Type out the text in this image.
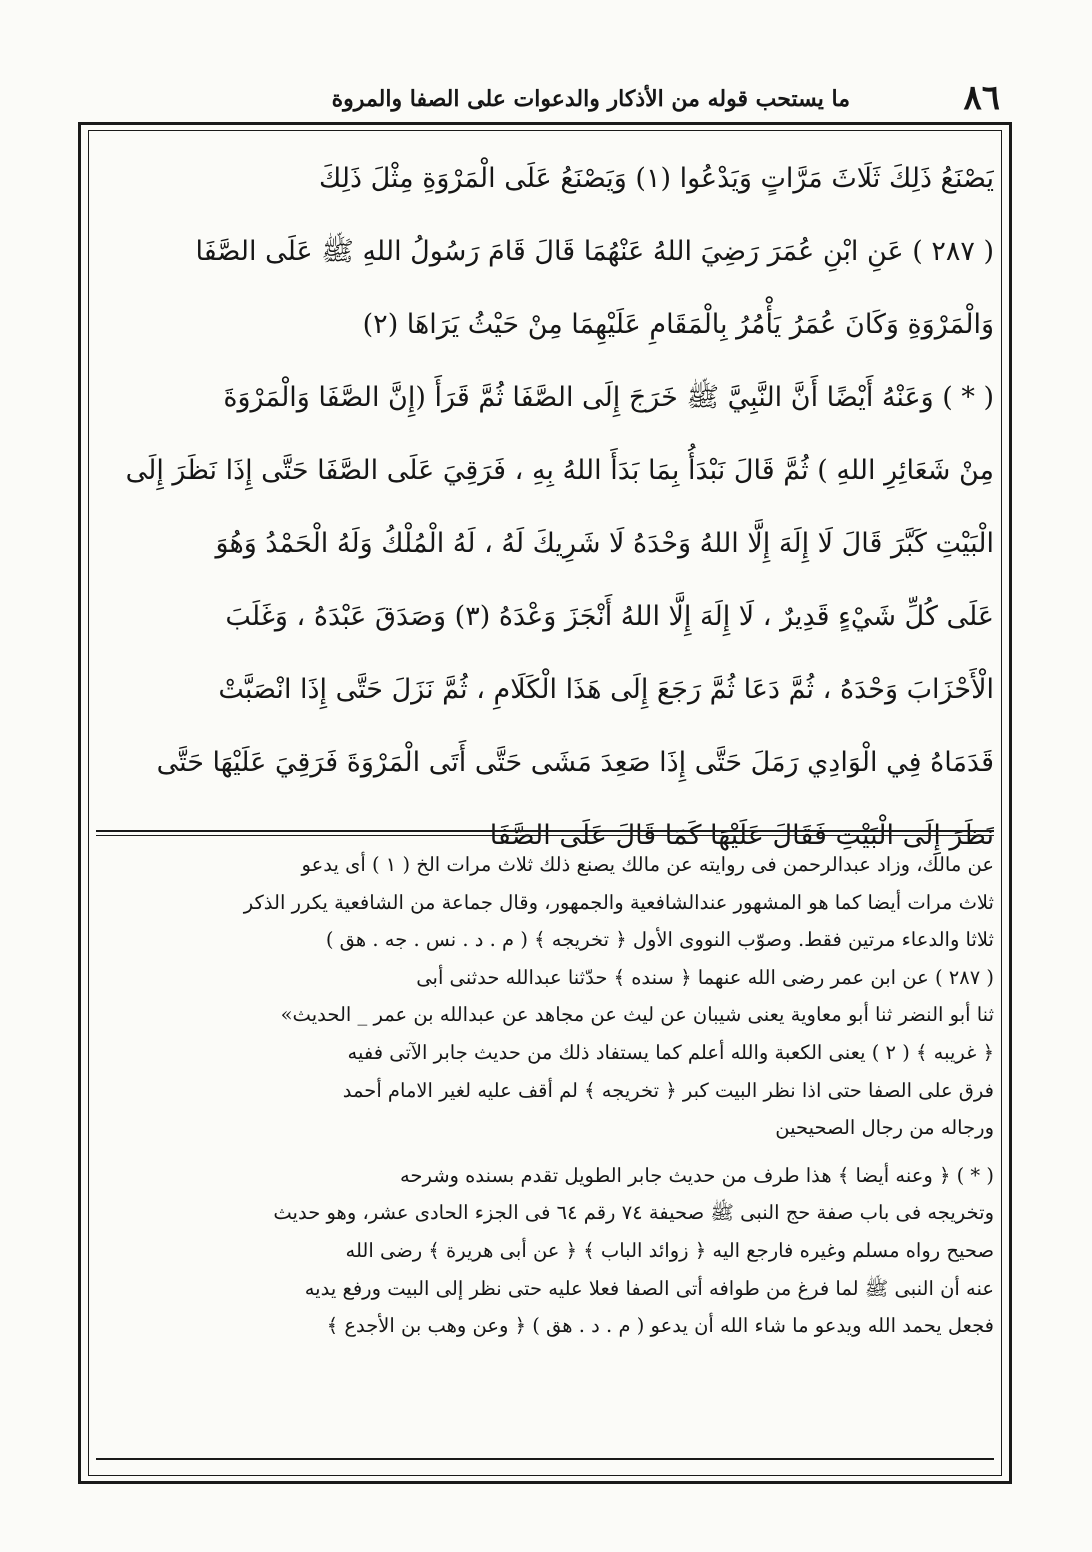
٨٦
ما يستحب قوله من الأذكار والدعوات على الصفا والمروة
يَصْنَعُ ذَلِكَ ثَلَاثَ مَرَّاتٍ وَيَدْعُوا (١) وَيَصْنَعُ عَلَى الْمَرْوَةِ مِثْلَ ذَلِكَ
( ٢٨٧ ) عَنِ ابْنِ عُمَرَ رَضِيَ اللهُ عَنْهُمَا قَالَ قَامَ رَسُولُ اللهِ ﷺ عَلَى الصَّفَا
وَالْمَرْوَةِ وَكَانَ عُمَرُ يَأْمُرُ بِالْمَقَامِ عَلَيْهِمَا مِنْ حَيْثُ يَرَاهَا (٢)
( * ) وَعَنْهُ أَيْضًا أَنَّ النَّبِيَّ ﷺ خَرَجَ إِلَى الصَّفَا ثُمَّ قَرَأَ (إِنَّ الصَّفَا وَالْمَرْوَةَ
مِنْ شَعَائِرِ اللهِ ) ثُمَّ قَالَ نَبْدَأُ بِمَا بَدَأَ اللهُ بِهِ ، فَرَقِيَ عَلَى الصَّفَا حَتَّى إِذَا نَظَرَ إِلَى
الْبَيْتِ كَبَّرَ قَالَ لَا إِلَهَ إِلَّا اللهُ وَحْدَهُ لَا شَرِيكَ لَهُ ، لَهُ الْمُلْكُ وَلَهُ الْحَمْدُ وَهُوَ
عَلَى كُلِّ شَيْءٍ قَدِيرٌ ، لَا إِلَهَ إِلَّا اللهُ أَنْجَزَ وَعْدَهُ (٣) وَصَدَقَ عَبْدَهُ ، وَغَلَبَ
الْأَحْزَابَ وَحْدَهُ ، ثُمَّ دَعَا ثُمَّ رَجَعَ إِلَى هَذَا الْكَلَامِ ، ثُمَّ نَزَلَ حَتَّى إِذَا انْصَبَّتْ
قَدَمَاهُ فِي الْوَادِي رَمَلَ حَتَّى إِذَا صَعِدَ مَشَى حَتَّى أَتَى الْمَرْوَةَ فَرَقِيَ عَلَيْهَا حَتَّى
نَظَرَ إِلَى الْبَيْتِ فَقَالَ عَلَيْهَا كَمَا قَالَ عَلَى الصَّفَا
عن مالك، وزاد عبدالرحمن فى روايته عن مالك يصنع ذلك ثلاث مرات الخ ( ١ ) أى يدعو
ثلاث مرات أيضا كما هو المشهور عندالشافعية والجمهور، وقال جماعة من الشافعية يكرر الذكر
ثلاثا والدعاء مرتين فقط. وصوّب النووى الأول ﴿ تخريجه ﴾ ( م . د . نس . جه . هق )
( ٢٨٧ ) عن ابن عمر رضى الله عنهما ﴿ سنده ﴾ حدّثنا عبدالله حدثنى أبى
ثنا أبو النضر ثنا أبو معاوية يعنى شيبان عن ليث عن مجاهد عن عبدالله بن عمر _ الحديث»
﴿ غريبه ﴾ ( ٢ ) يعنى الكعبة والله أعلم كما يستفاد ذلك من حديث جابر الآتى ففيه
فرق على الصفا حتى اذا نظر البيت كبر ﴿ تخريجه ﴾ لم أقف عليه لغير الامام أحمد
ورجاله من رجال الصحيحين
( * ) ﴿ وعنه أيضا ﴾ هذا طرف من حديث جابر الطويل تقدم بسنده وشرحه
وتخريجه فى باب صفة حج النبى ﷺ صحيفة ٧٤ رقم ٦٤ فى الجزء الحادى عشر، وهو حديث
صحيح رواه مسلم وغيره فارجع اليه ﴿ زوائد الباب ﴾ ﴿ عن أبى هريرة ﴾ رضى الله
عنه أن النبى ﷺ لما فرغ من طوافه أتى الصفا فعلا عليه حتى نظر إلى البيت ورفع يديه
فجعل يحمد الله ويدعو ما شاء الله أن يدعو ( م . د . هق ) ﴿ وعن وهب بن الأجدع ﴾
